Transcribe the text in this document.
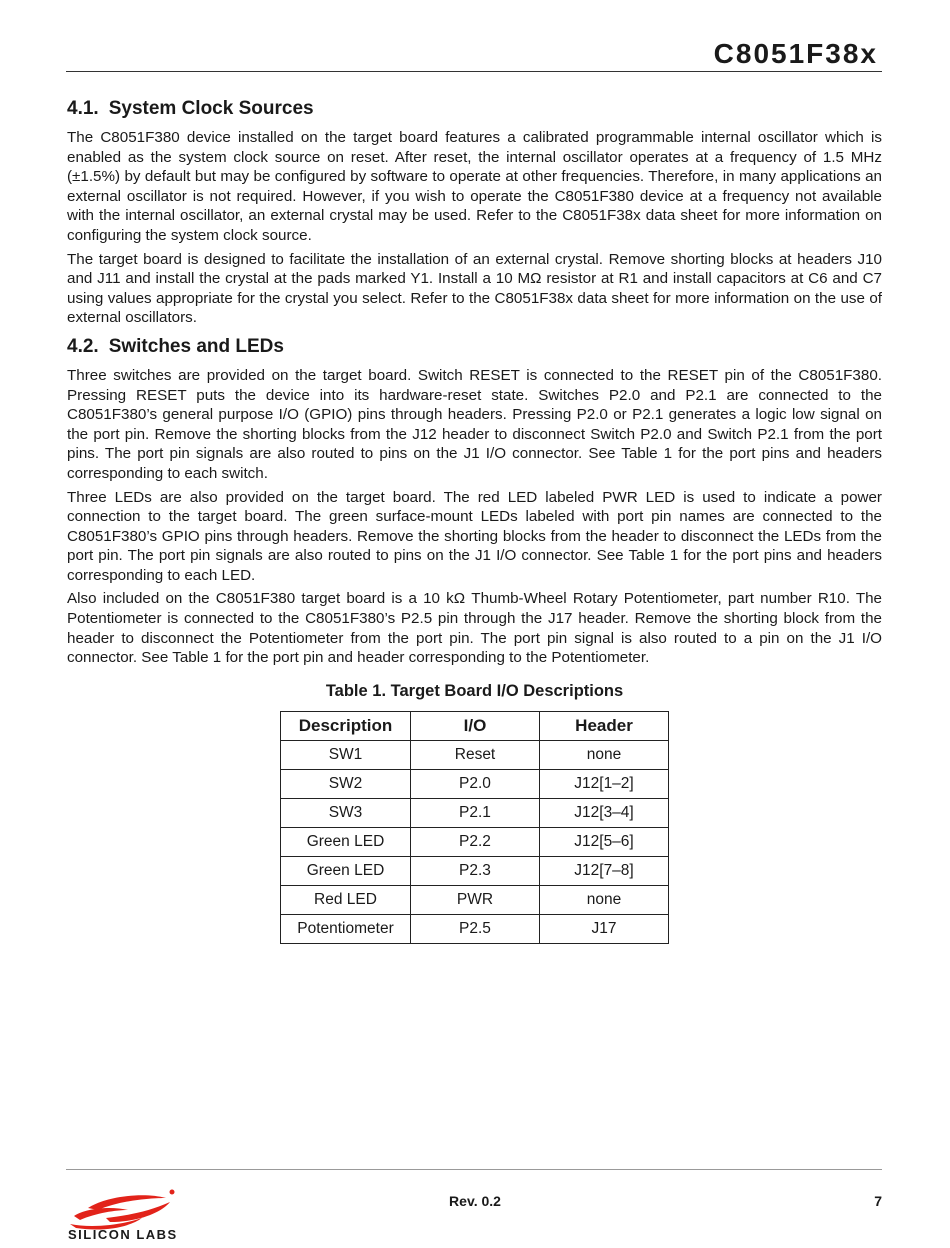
C8051F38x
4.1. System Clock Sources

The C8051F380 device installed on the target board features a calibrated programmable internal oscillator which is enabled as the system clock source on reset. After reset, the internal oscillator operates at a frequency of 1.5 MHz (±1.5%) by default but may be configured by software to operate at other frequencies. Therefore, in many applications an external oscillator is not required. However, if you wish to operate the C8051F380 device at a frequency not available with the internal oscillator, an external crystal may be used. Refer to the C8051F38x data sheet for more information on configuring the system clock source.

The target board is designed to facilitate the installation of an external crystal. Remove shorting blocks at headers J10 and J11 and install the crystal at the pads marked Y1. Install a 10 MΩ resistor at R1 and install capacitors at C6 and C7 using values appropriate for the crystal you select. Refer to the C8051F38x data sheet for more information on the use of external oscillators.

4.2. Switches and LEDs

Three switches are provided on the target board. Switch RESET is connected to the RESET pin of the C8051F380. Pressing RESET puts the device into its hardware-reset state. Switches P2.0 and P2.1 are connected to the C8051F380’s general purpose I/O (GPIO) pins through headers. Pressing P2.0 or P2.1 generates a logic low signal on the port pin. Remove the shorting blocks from the J12 header to disconnect Switch P2.0 and Switch P2.1 from the port pins. The port pin signals are also routed to pins on the J1 I/O connector. See Table 1 for the port pins and headers corresponding to each switch.

Three LEDs are also provided on the target board. The red LED labeled PWR LED is used to indicate a power connection to the target board. The green surface-mount LEDs labeled with port pin names are connected to the C8051F380’s GPIO pins through headers. Remove the shorting blocks from the header to disconnect the LEDs from the port pin. The port pin signals are also routed to pins on the J1 I/O connector. See Table 1 for the port pins and headers corresponding to each LED.

Also included on the C8051F380 target board is a 10 kΩ Thumb-Wheel Rotary Potentiometer, part number R10. The Potentiometer is connected to the C8051F380’s P2.5 pin through the J17 header. Remove the shorting block from the header to disconnect the Potentiometer from the port pin. The port pin signal is also routed to a pin on the J1 I/O connector. See Table 1 for the port pin and header corresponding to the Potentiometer.

Table 1. Target Board I/O Descriptions
Description	I/O	Header
SW1	Reset	none
SW2	P2.0	J12[1–2]
SW3	P2.1	J12[3–4]
Green LED	P2.2	J12[5–6]
Green LED	P2.3	J12[7–8]
Red LED	PWR	none
Potentiometer	P2.5	J17
SILICON LABS
Rev. 0.2	7
